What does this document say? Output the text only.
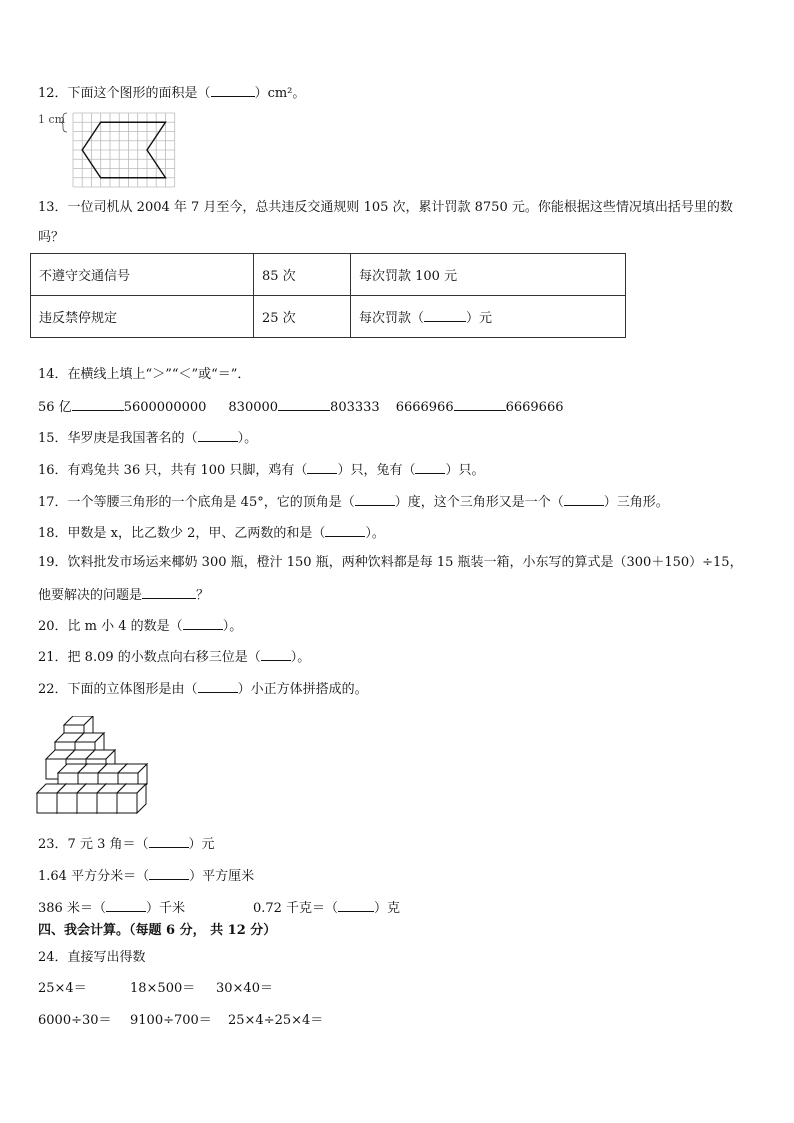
12．下面这个图形的面积是（	）cm²。
1 cm
13．一位司机从 2004 年 7 月至今，总共违反交通规则 105 次，累计罚款 8750 元。你能根据这些情况填出括号里的数
吗？
不遵守交通信号	85 次	每次罚款 100 元
违反禁停规定	25 次	每次罚款（ ）元
14．在横线上填上“＞”“＜”或“＝”．
56 亿	5600000000 830000	803333 6666966	6669666
15．华罗庚是我国著名的（	）。
16．有鸡兔共 36 只，共有 100 只脚，鸡有（ ）只，兔有（ ）只。
17．一个等腰三角形的一个底角是 45°，它的顶角是（	）度，这个三角形又是一个（	）三角形。
18．甲数是 x，比乙数少 2，甲、乙两数的和是（	）。
19．饮料批发市场运来椰奶 300 瓶，橙汁 150 瓶，两种饮料都是每 15 瓶装一箱，小东写的算式是（300＋150）÷15，
他要解决的问题是	？
20．比 m 小 4 的数是（	）。
21．把 8.09 的小数点向右移三位是（ ）。
22．下面的立体图形是由（	）小正方体拼搭成的。
23．7 元 3 角＝（	）元
1.64 平方分米＝（	）平方厘米
386 米＝（	）千米	0.72 千克＝（	）克
四、我会计算。（每题 6 分， 共 12 分）
24．直接写出得数
25×4＝	18×500＝ 30×40＝
6000÷30＝ 9100÷700＝ 25×4÷25×4＝
